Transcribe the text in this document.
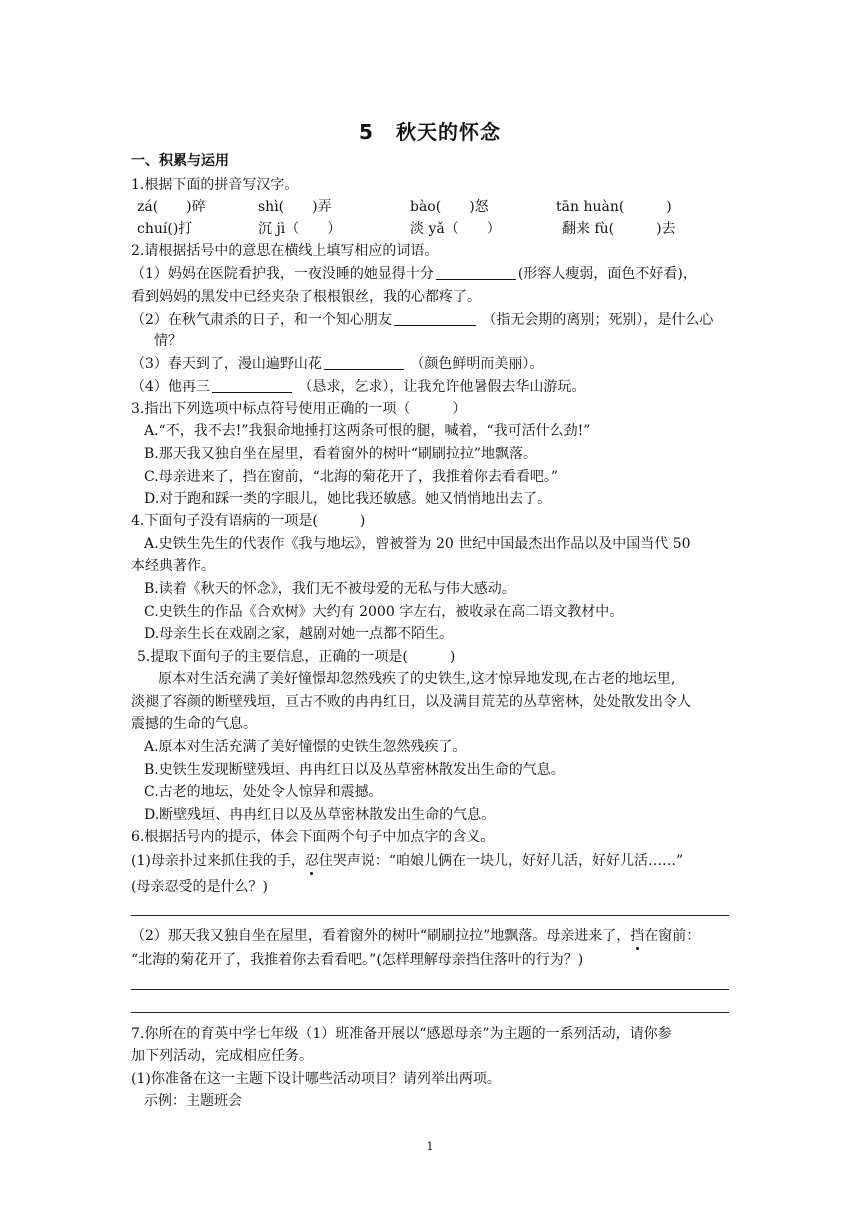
5 秋天的怀念
一、积累与运用
1.根据下面的拼音写汉字。
zá(　　)碎	shì(　　)弄	bào(　　)怒	tān huàn(　　　)
chuí()打	沉 jì（　　）	淡 yǎ（　　）	翻来 fù(　　　)去
2.请根据括号中的意思在横线上填写相应的词语。
（1）妈妈在医院看护我，一夜没睡的她显得十分	(形容人瘦弱，面色不好看)，
看到妈妈的黑发中已经夹杂了根根银丝，我的心都疼了。
（2）在秋气肃杀的日子，和一个知心朋友	（指无会期的离别；死别），是什么心
情？
（3）春天到了，漫山遍野山花	（颜色鲜明而美丽）。
（4）他再三	（恳求，乞求），让我允许他暑假去华山游玩。
3.指出下列选项中标点符号使用正确的一项（　　　）
A.“不，我不去!”我狠命地捶打这两条可恨的腿，喊着，“我可活什么劲!”
B.那天我又独自坐在屋里，看着窗外的树叶“刷刷拉拉”地飘落。
C.母亲进来了，挡在窗前，“北海的菊花开了，我推着你去看看吧。”
D.对于跑和踩一类的字眼儿，她比我还敏感。她又悄悄地出去了。
4.下面句子没有语病的一项是(　　　)
A.史铁生先生的代表作《我与地坛》，曾被誉为 20 世纪中国最杰出作品以及中国当代 50
本经典著作。
B.读着《秋天的怀念》，我们无不被母爱的无私与伟大感动。
C.史铁生的作品《合欢树》大约有 2000 字左右，被收录在高二语文教材中。
D.母亲生长在戏剧之家，越剧对她一点都不陌生。
5.提取下面句子的主要信息，正确的一项是(　　　)
原本对生活充满了美好憧憬却忽然残疾了的史铁生,这才惊异地发现,在古老的地坛里,
淡褪了容颜的断壁残垣，亘古不败的冉冉红日，以及满目荒芜的丛草密林，处处散发出令人
震撼的生命的气息。
A.原本对生活充满了美好憧憬的史铁生忽然残疾了。
B.史铁生发现断壁残垣、冉冉红日以及丛草密林散发出生命的气息。
C.古老的地坛，处处令人惊异和震撼。
D.断壁残垣、冉冉红日以及丛草密林散发出生命的气息。
6.根据括号内的提示，体会下面两个句子中加点字的含义。
(1)母亲扑过来抓住我的手，忍住哭声说：“咱娘儿俩在一块儿，好好儿活，好好儿活……”
(母亲忍受的是什么？)
（2）那天我又独自坐在屋里，看着窗外的树叶“刷刷拉拉”地飘落。母亲进来了，挡在窗前：
“北海的菊花开了，我推着你去看看吧。”(怎样理解母亲挡住落叶的行为？)
7.你所在的育英中学七年级（1）班准备开展以“感恩母亲”为主题的一系列活动，请你参
加下列活动，完成相应任务。
(1)你准备在这一主题下设计哪些活动项目？请列举出两项。
示例：主题班会
1
